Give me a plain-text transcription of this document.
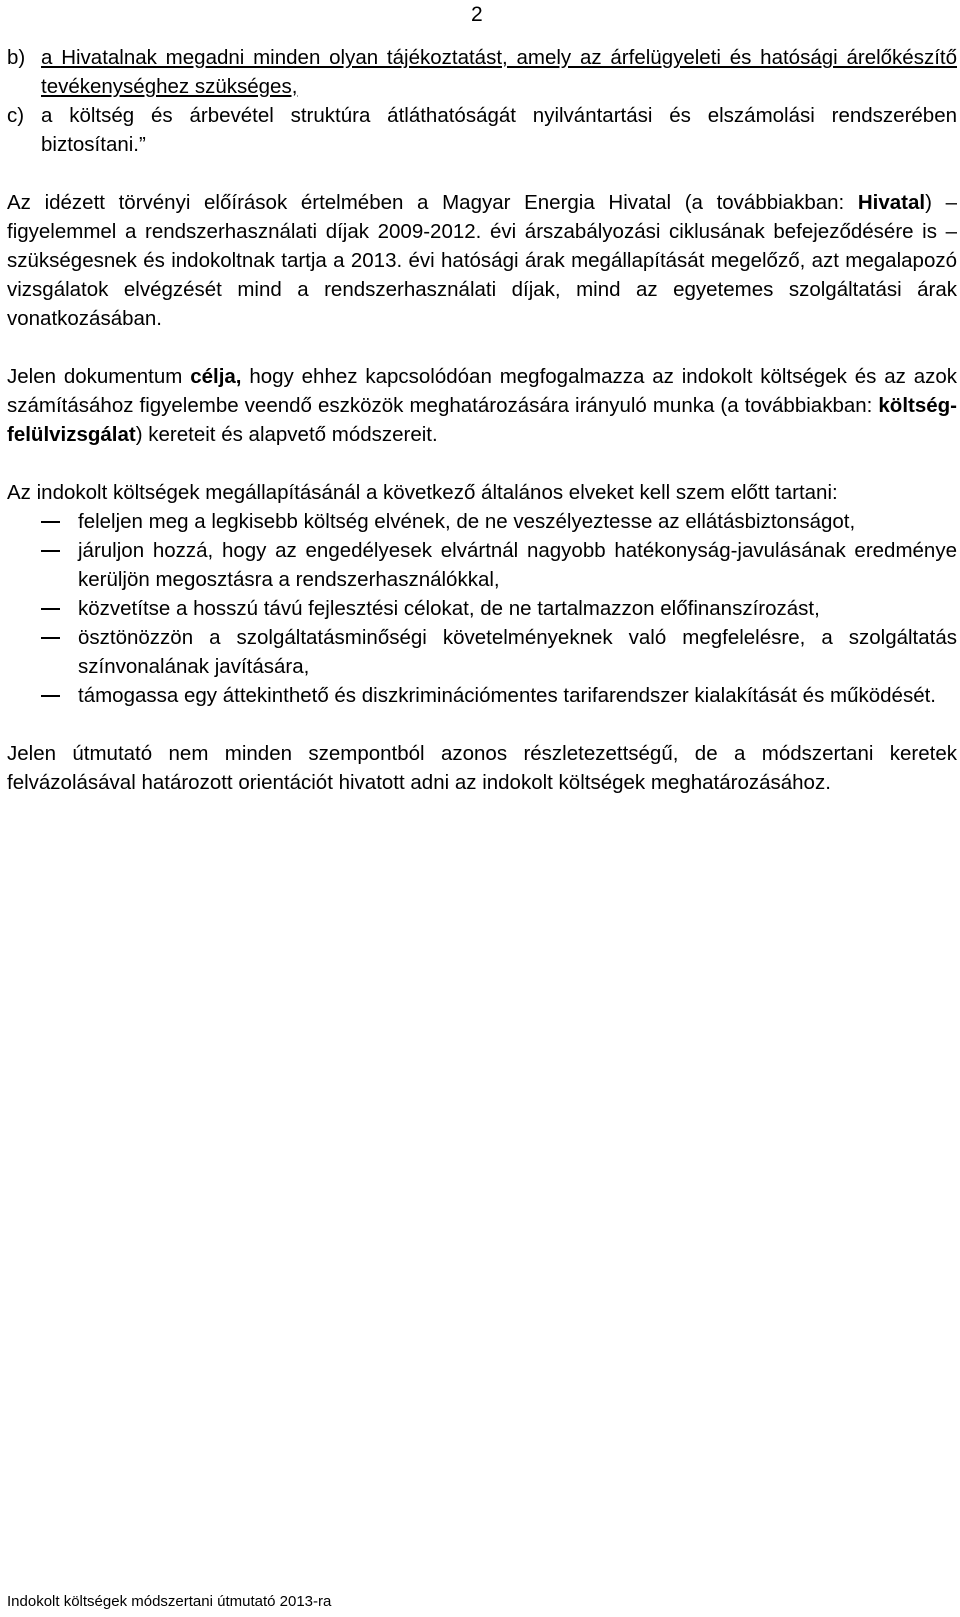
2
b) a Hivatalnak megadni minden olyan tájékoztatást, amely az árfelügyeleti és hatósági árelőkészítő tevékenységhez szükséges,
c) a költség és árbevétel struktúra átláthatóságát nyilvántartási és elszámolási rendszerében biztosítani.”

Az idézett törvényi előírások értelmében a Magyar Energia Hivatal (a továbbiakban: Hivatal) – figyelemmel a rendszerhasználati díjak 2009-2012. évi árszabályozási ciklusának befejeződésére is – szükségesnek és indokoltnak tartja a 2013. évi hatósági árak megállapítását megelőző, azt megalapozó vizsgálatok elvégzését mind a rendszerhasználati díjak, mind az egyetemes szolgáltatási árak vonatkozásában.

Jelen dokumentum célja, hogy ehhez kapcsolódóan megfogalmazza az indokolt költségek és az azok számításához figyelembe veendő eszközök meghatározására irányuló munka (a továbbiakban: költség-felülvizsgálat) kereteit és alapvető módszereit.

Az indokolt költségek megállapításánál a következő általános elveket kell szem előtt tartani:

feleljen meg a legkisebb költség elvének, de ne veszélyeztesse az ellátásbiztonságot,
járuljon hozzá, hogy az engedélyesek elvártnál nagyobb hatékonyság-javulásának eredménye kerüljön megosztásra a rendszerhasználókkal,
közvetítse a hosszú távú fejlesztési célokat, de ne tartalmazzon előfinanszírozást,
ösztönözzön a szolgáltatásminőségi követelményeknek való megfelelésre, a szolgáltatás színvonalának javítására,
támogassa egy áttekinthető és diszkriminációmentes tarifarendszer kialakítását és működését.

Jelen útmutató nem minden szempontból azonos részletezettségű, de a módszertani keretek felvázolásával határozott orientációt hivatott adni az indokolt költségek meghatározásához.

Indokolt költségek módszertani útmutató 2013-ra
